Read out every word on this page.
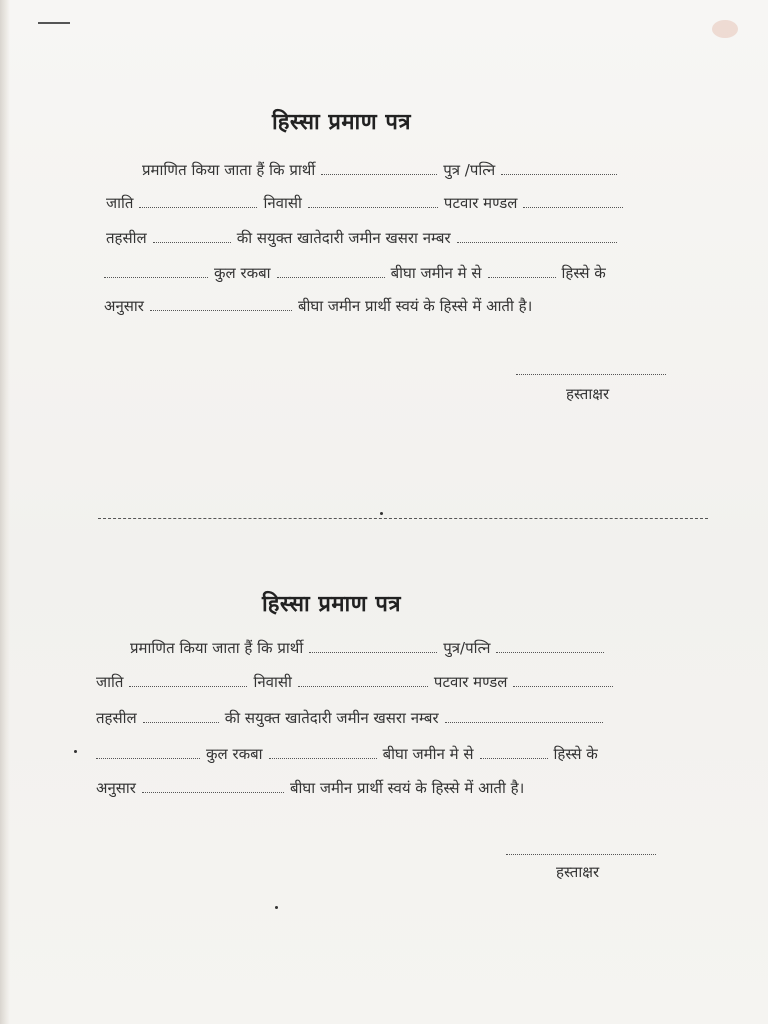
हिस्सा प्रमाण पत्र
प्रमाणित किया जाता हैं कि प्रार्थी	पुत्र /पत्नि
जाति	निवासी	पटवार मण्डल
तहसील	की सयुक्त खातेदारी जमीन खसरा नम्बर
कुल रकबा	बीघा जमीन मे से	हिस्से के
अनुसार	बीघा जमीन प्रार्थी स्वयं के हिस्से में आती है।
हस्ताक्षर
हिस्सा प्रमाण पत्र
प्रमाणित किया जाता हैं कि प्रार्थी	पुत्र/पत्नि
जाति	निवासी	पटवार मण्डल
तहसील	की सयुक्त खातेदारी जमीन खसरा नम्बर
कुल रकबा	बीघा जमीन मे से	हिस्से के
अनुसार	बीघा जमीन प्रार्थी स्वयं के हिस्से में आती है।
हस्ताक्षर
